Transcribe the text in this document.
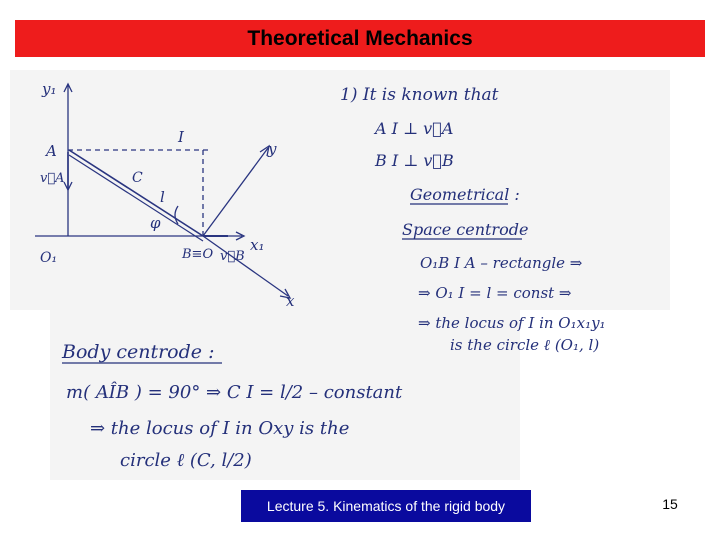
Theoretical Mechanics
y₁
A
v⃗A
O₁
I
y
C
l
φ
B≡O v⃗B
x₁
x
1) It is known that
A I ⊥ v⃗A
B I ⊥ v⃗B
Geometrical :
Space centrode
O₁B I A – rectangle ⇒
⇒ O₁ I = l = const ⇒
⇒ the locus of I in O₁x₁y₁
is the circle ℓ (O₁, l)
Body centrode :
m( AÎB ) = 90° ⇒ C I = l/2 – constant
⇒ the locus of I in Oxy is the
circle ℓ (C, l/2)
Lecture 5. Kinematics of the rigid body	15
